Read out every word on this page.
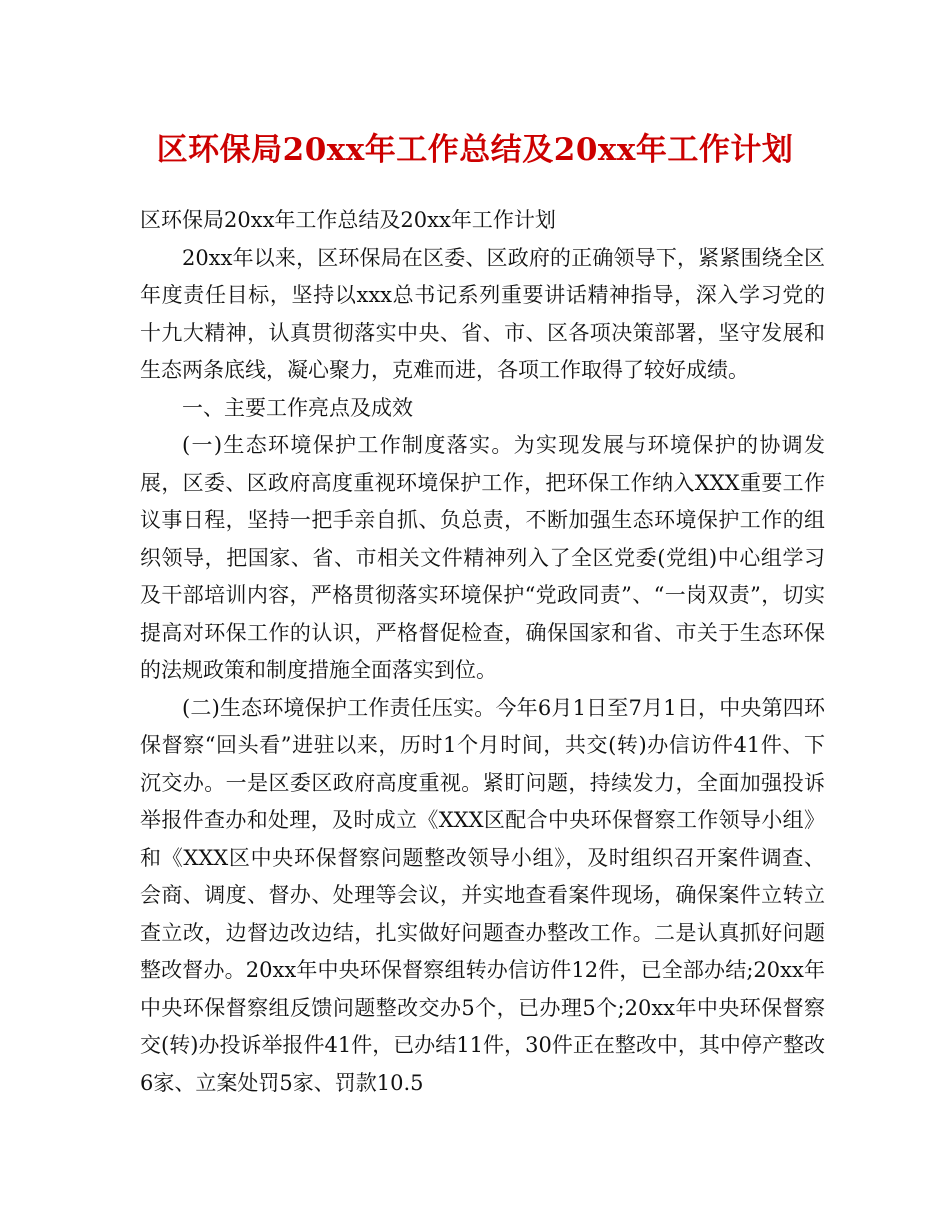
区环保局20xx年工作总结及20xx年工作计划

区环保局20xx年工作总结及20xx年工作计划

20xx年以来，区环保局在区委、区政府的正确领导下，紧紧围绕全区年度责任目标，坚持以xxx总书记系列重要讲话精神指导，深入学习党的十九大精神，认真贯彻落实中央、省、市、区各项决策部署，坚守发展和生态两条底线，凝心聚力，克难而进，各项工作取得了较好成绩。

一、主要工作亮点及成效

(一)生态环境保护工作制度落实。为实现发展与环境保护的协调发展，区委、区政府高度重视环境保护工作，把环保工作纳入XXX重要工作议事日程，坚持一把手亲自抓、负总责，不断加强生态环境保护工作的组织领导，把国家、省、市相关文件精神列入了全区党委(党组)中心组学习及干部培训内容，严格贯彻落实环境保护“党政同责”、“一岗双责”，切实提高对环保工作的认识，严格督促检查，确保国家和省、市关于生态环保的法规政策和制度措施全面落实到位。

(二)生态环境保护工作责任压实。今年6月1日至7月1日，中央第四环保督察“回头看”进驻以来，历时1个月时间，共交(转)办信访件41件、下沉交办。一是区委区政府高度重视。紧盯问题，持续发力，全面加强投诉举报件查办和处理，及时成立《XXX区配合中央环保督察工作领导小组》和《XXX区中央环保督察问题整改领导小组》，及时组织召开案件调查、会商、调度、督办、处理等会议，并实地查看案件现场，确保案件立转立查立改，边督边改边结，扎实做好问题查办整改工作。二是认真抓好问题整改督办。20xx年中央环保督察组转办信访件12件，已全部办结;20xx年中央环保督察组反馈问题整改交办5个，已办理5个;20xx年中央环保督察交(转)办投诉举报件41件，已办结11件，30件正在整改中，其中停产整改6家、立案处罚5家、罚款10.5
